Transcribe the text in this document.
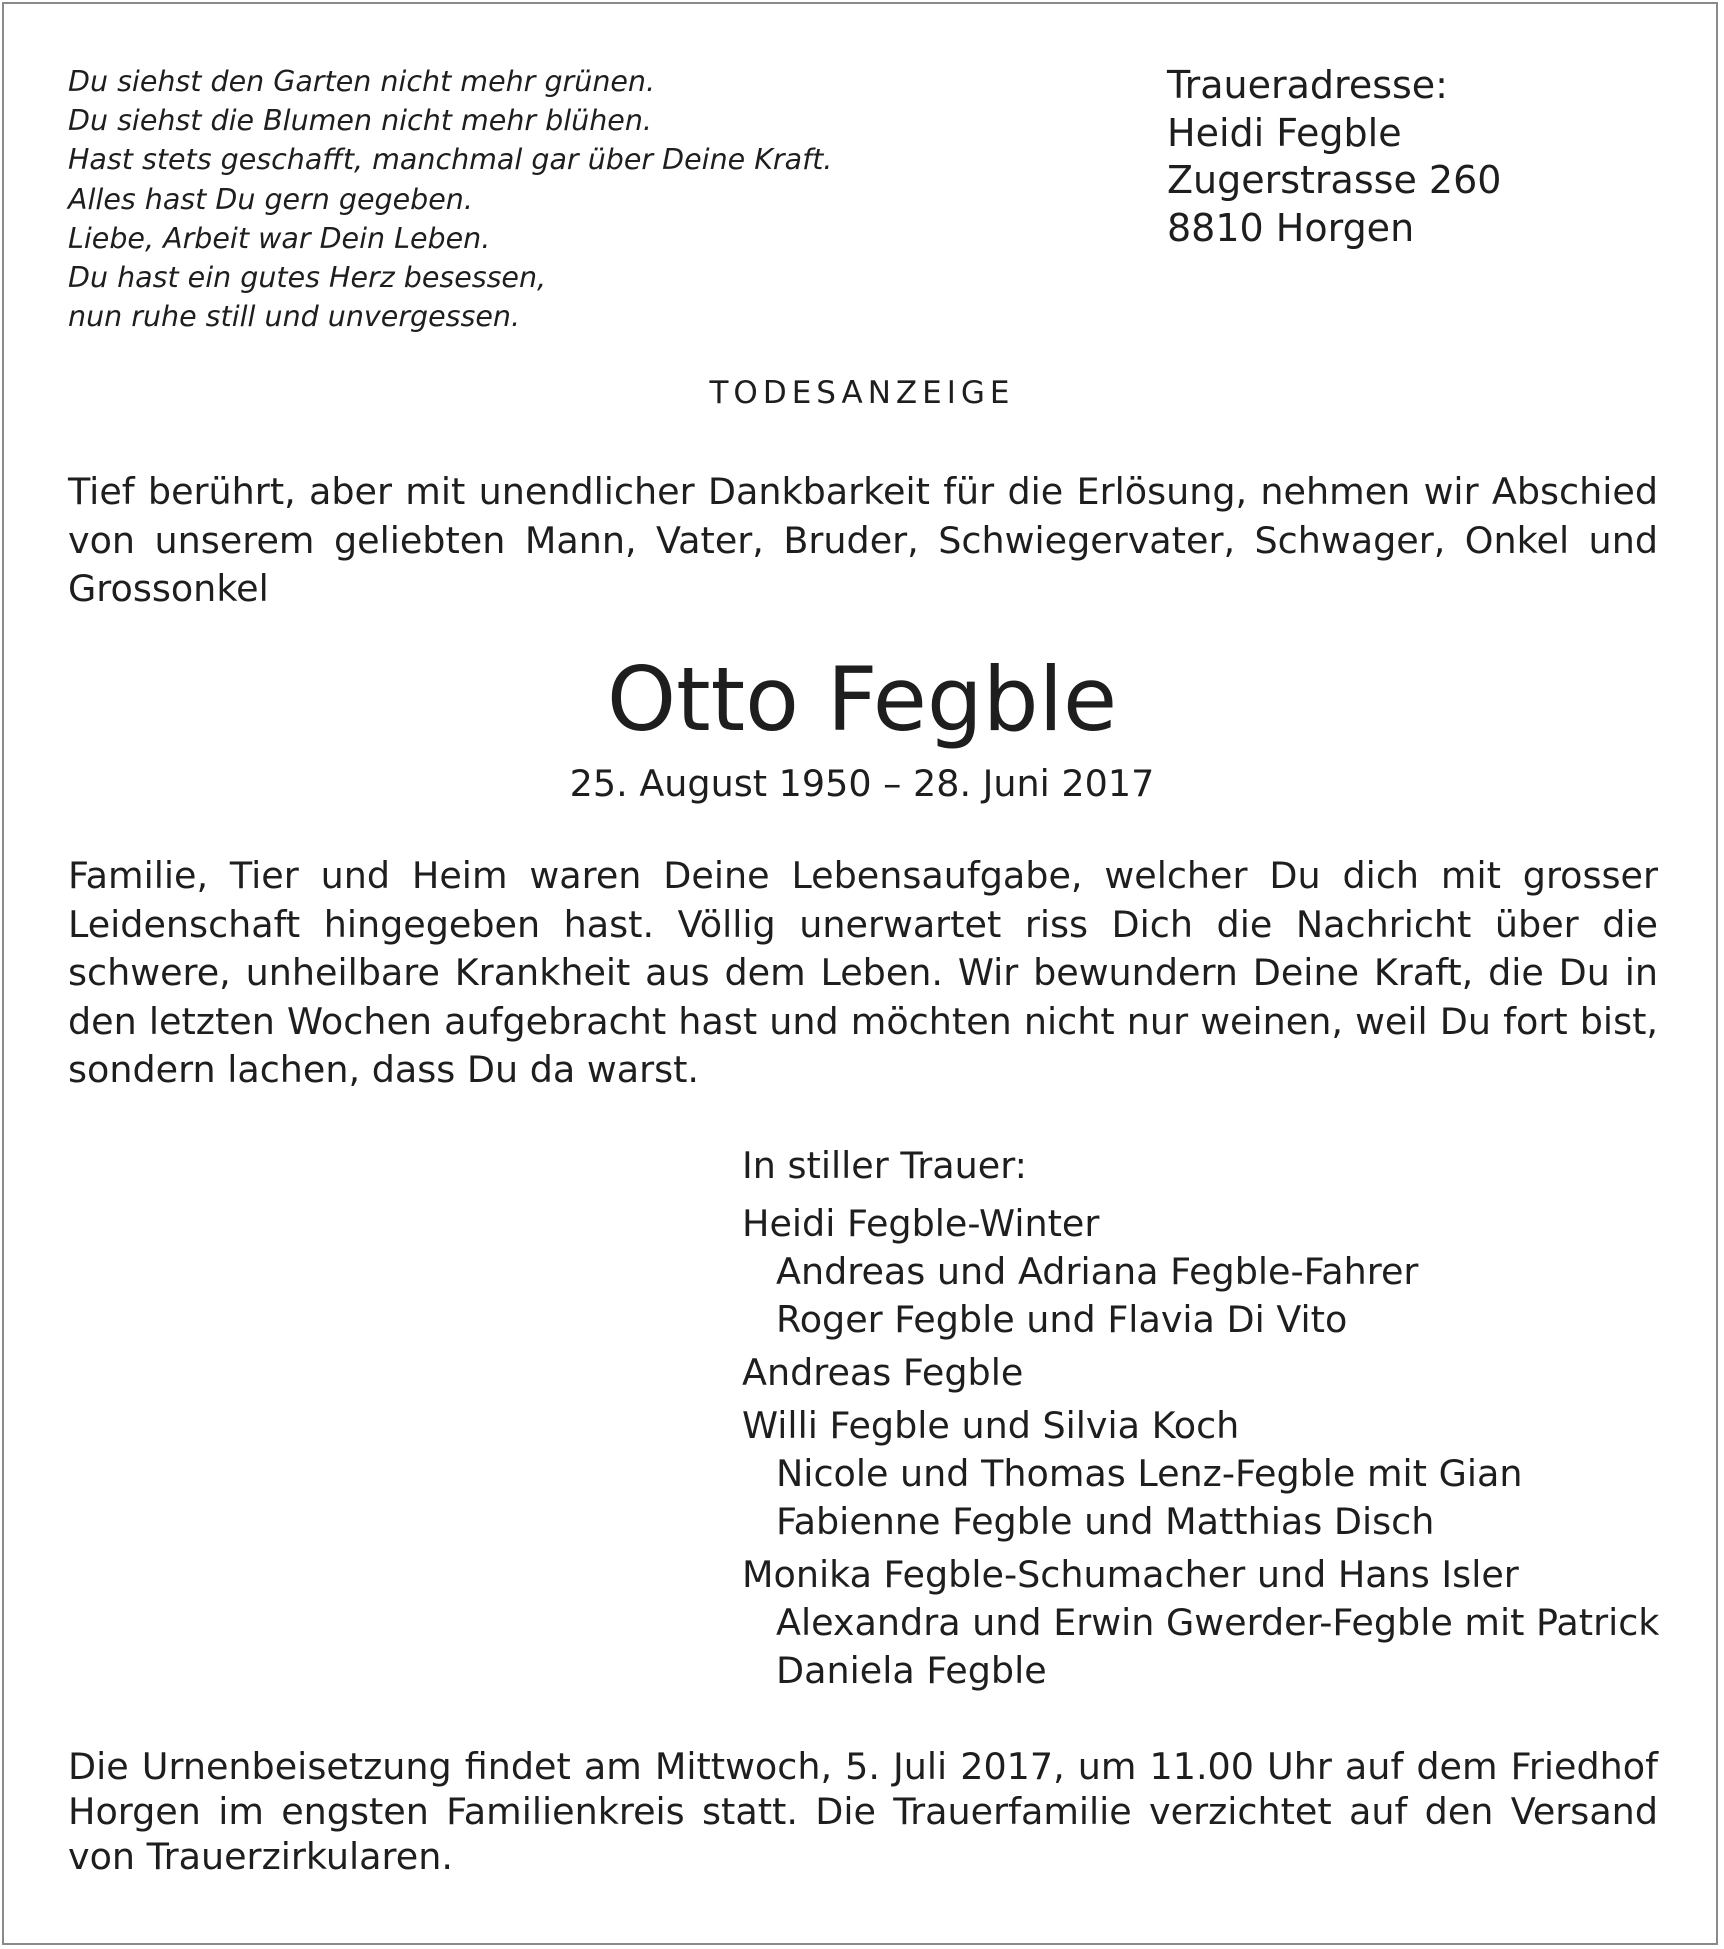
Du siehst den Garten nicht mehr grünen.
Du siehst die Blumen nicht mehr blühen.
Hast stets geschafft, manchmal gar über Deine Kraft.
Alles hast Du gern gegeben.
Liebe, Arbeit war Dein Leben.
Du hast ein gutes Herz besessen,
nun ruhe still und unvergessen.
Traueradresse:
Heidi Fegble
Zugerstrasse 260
8810 Horgen
TODESANZEIGE
Tief berührt, aber mit unendlicher Dankbarkeit für die Erlösung, nehmen wir Abschied von unserem geliebten Mann, Vater, Bruder, Schwiegervater, Schwager, Onkel und Grossonkel
Otto Fegble
25. August 1950 – 28. Juni 2017
Familie, Tier und Heim waren Deine Lebensaufgabe, welcher Du dich mit grosser Leidenschaft hingegeben hast. Völlig unerwartet riss Dich die Nachricht über die schwere, unheilbare Krankheit aus dem Leben. Wir bewundern Deine Kraft, die Du in den letzten Wochen aufgebracht hast und möchten nicht nur weinen, weil Du fort bist, sondern lachen, dass Du da warst.
In stiller Trauer:
Heidi Fegble-Winter
Andreas und Adriana Fegble-Fahrer
Roger Fegble und Flavia Di Vito
Andreas Fegble
Willi Fegble und Silvia Koch
Nicole und Thomas Lenz-Fegble mit Gian
Fabienne Fegble und Matthias Disch
Monika Fegble-Schumacher und Hans Isler
Alexandra und Erwin Gwerder-Fegble mit Patrick
Daniela Fegble
Die Urnenbeisetzung findet am Mittwoch, 5. Juli 2017, um 11.00 Uhr auf dem Friedhof Horgen im engsten Familienkreis statt. Die Trauerfamilie verzichtet auf den Versand von Trauerzirkularen.
